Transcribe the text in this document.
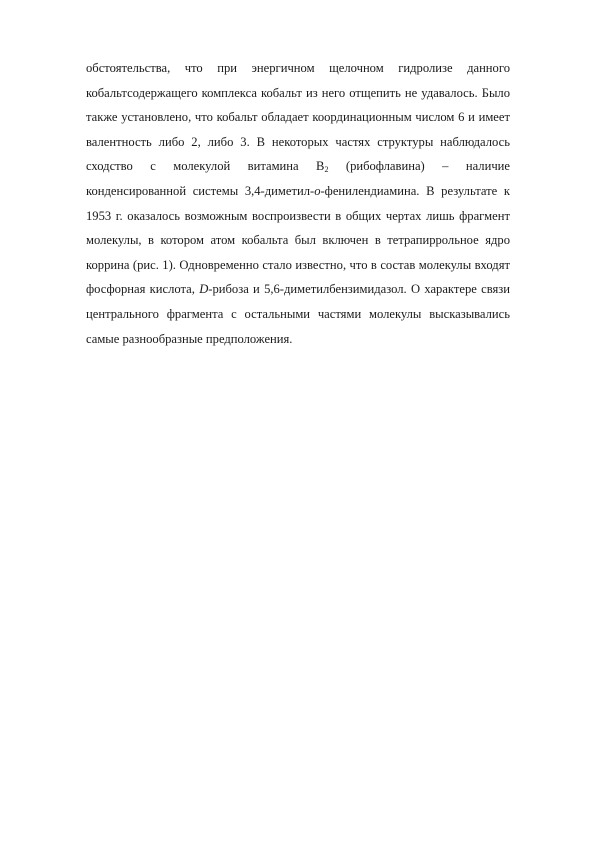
обстоятельства, что при энергичном щелочном гидролизе данного
кобальтсодержащего комплекса кобальт из него отщепить не удавалось. Было
также установлено, что кобальт обладает координационным числом 6 и имеет
валентность либо 2, либо 3. В некоторых частях структуры наблюдалось
сходство с молекулой витамина $B_2$ (рибофлавина) – наличие
конденсированной системы 3,4-диметил-о-фенилендиамина. В результате к
1953 г. оказалось возможным воспроизвести в общих чертах лишь фрагмент
молекулы, в котором атом кобальта был включен в тетрапиррольное ядро
коррина (рис. 1). Одновременно стало известно, что в состав молекулы входят
фосфорная кислота, D-рибоза и 5,6-диметилбензимидазол. О характере связи
центрального фрагмента с остальными частями молекулы высказывались
самые разнообразные предположения.
